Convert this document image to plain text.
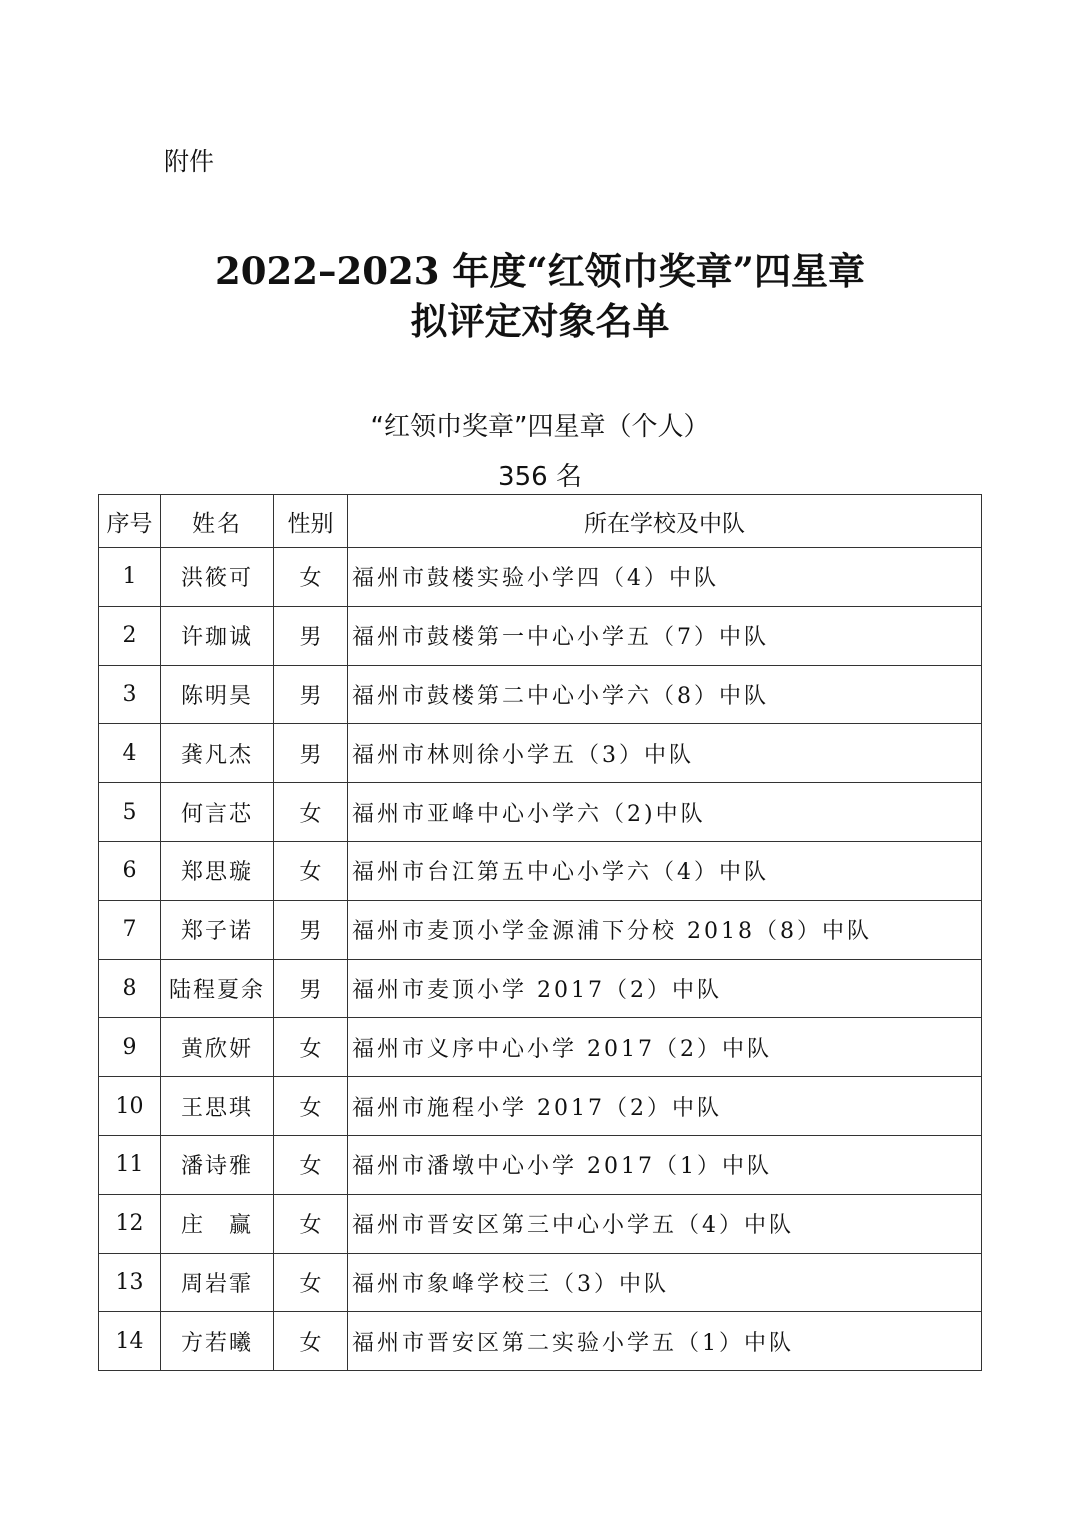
附件
2022–2023 年度“红领巾奖章”四星章
拟评定对象名单
“红领巾奖章”四星章（个人）
356 名
序号	姓名	性别	所在学校及中队
1	洪筱可	女	福州市鼓楼实验小学四（4）中队
2	许珈诚	男	福州市鼓楼第一中心小学五（7）中队
3	陈明昊	男	福州市鼓楼第二中心小学六（8）中队
4	龚凡杰	男	福州市林则徐小学五（3）中队
5	何言芯	女	福州市亚峰中心小学六（2)中队
6	郑思璇	女	福州市台江第五中心小学六（4）中队
7	郑子诺	男	福州市麦顶小学金源浦下分校 2018（8）中队
8	陆程夏余	男	福州市麦顶小学 2017（2）中队
9	黄欣妍	女	福州市义序中心小学 2017（2）中队
10	王思琪	女	福州市施程小学 2017（2）中队
11	潘诗雅	女	福州市潘墩中心小学 2017（1）中队
12	庄　赢	女	福州市晋安区第三中心小学五（4）中队
13	周岩霏	女	福州市象峰学校三（3）中队
14	方若曦	女	福州市晋安区第二实验小学五（1）中队
